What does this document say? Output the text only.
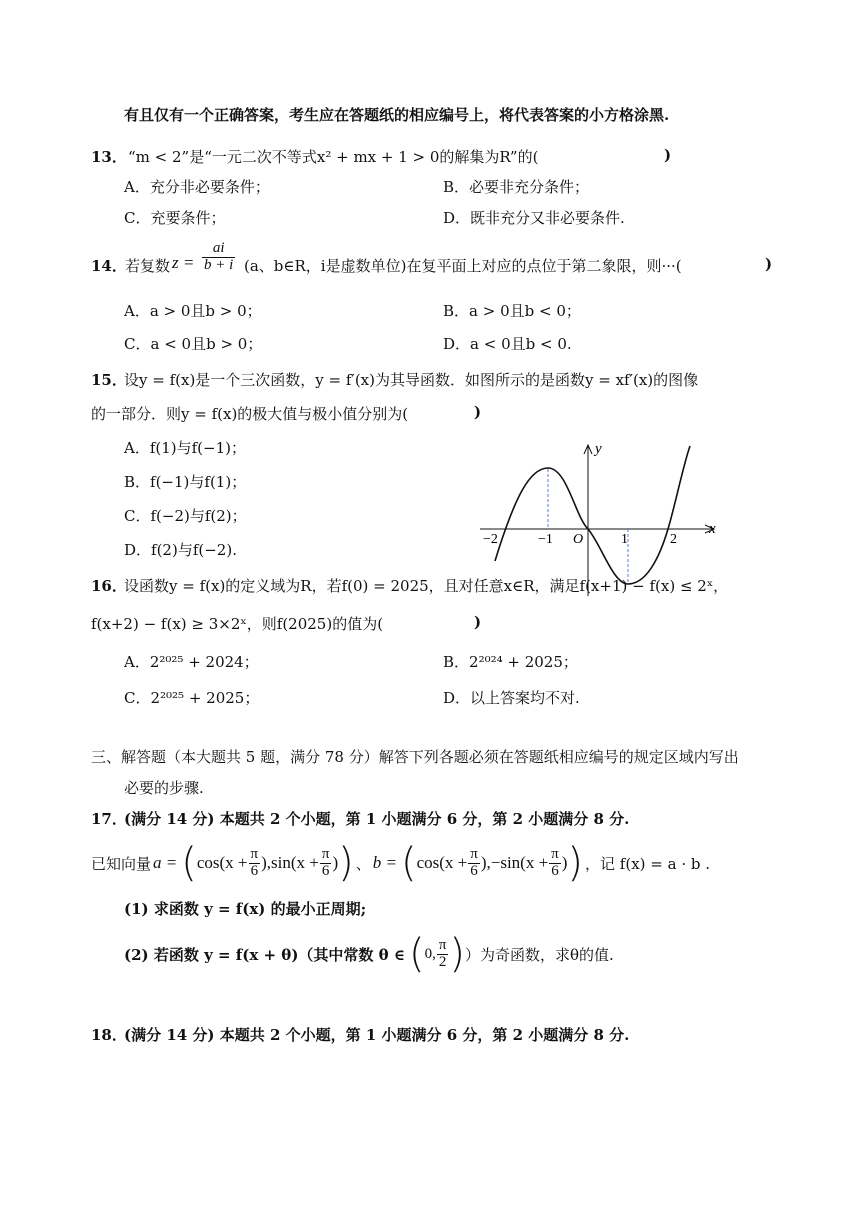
有且仅有一个正确答案，考生应在答题纸的相应编号上，将代表答案的小方格涂黑.
13． “m < 2”是“一元二次不等式x² + mx + 1 > 0的解集为R”的(	)
A．充分非必要条件；	B．必要非充分条件；
C．充要条件；	D．既非充分又非必要条件.
14．
若复数 $z = \frac{ai}{b + i} (a$、b∈R，i是虚数单位)在复平面上对应的点位于第二象限，则···(	)
A．a > 0且b > 0；	B．a > 0且b < 0；
C．a < 0且b > 0；	D．a < 0且b < 0.
15．
设y = f(x)是一个三次函数，y = f′(x)为其导函数．如图所示的是函数y = xf′(x)的图像
的一部分．则y = f(x)的极大值与极小值分别为(	)
A．f(1)与f(−1)；
B．f(−1)与f(1)；
C．f(−2)与f(2)；
D．f(2)与f(−2).
y
x
O
−2	−1	1	2
16．
设函数y = f(x)的定义域为R，若f(0) = 2025，且对任意x∈R，满足f(x+1) − f(x) ≤ 2ˣ，
f(x+2) − f(x) ≥ 3×2ˣ，则f(2025)的值为(	)
A．2²⁰²⁵ + 2024；	B．2²⁰²⁴ + 2025；
C．2²⁰²⁵ + 2025；	D．以上答案均不对.
三、解答题（本大题共 5 题，满分 78 分）解答下列各题必须在答题纸相应编号的规定区域内写出
必要的步骤.
17．
(满分 14 分) 本题共 2 个小题，第 1 小题满分 6 分，第 2 小题满分 8 分.
已知向量 a = ( $\cos(x + \frac{\pi}{6} ),\sin(x + \frac{\pi}{6}$ ) ) 、 b = ( $\cos(x + \frac{\pi}{6} ),-\sin(x + \frac{\pi}{6}$ ) ) ，记 f(x) = a · b .
(1) 求函数 y = f(x) 的最小正周期;
(2) 若函数 y = f(x + θ)（其中常数 θ ∈ ( 0, $\frac{\pi}{2}$ ) ）为奇函数，求θ的值.
18．
(满分 14 分) 本题共 2 个小题，第 1 小题满分 6 分，第 2 小题满分 8 分.
